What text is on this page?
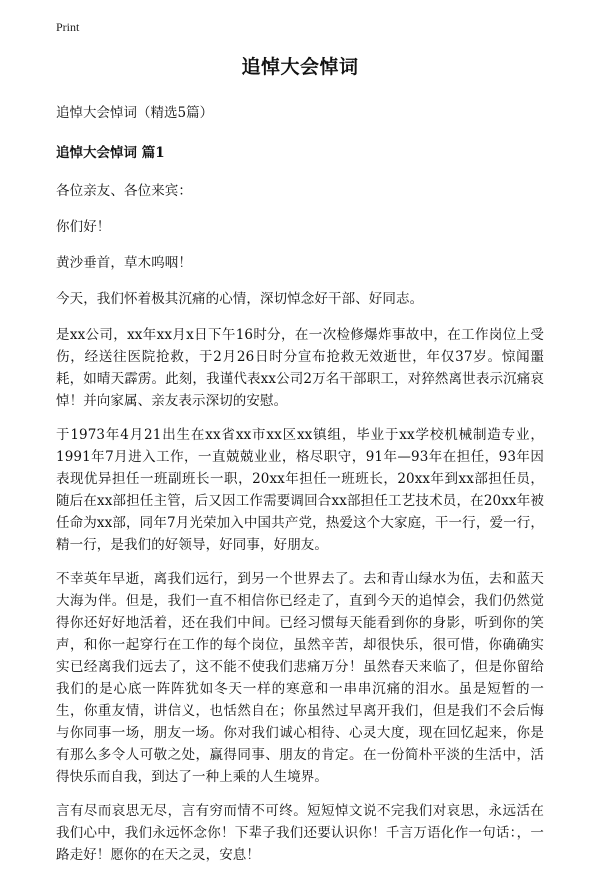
Print
追悼大会悼词
追悼大会悼词（精选5篇）
追悼大会悼词 篇1

各位亲友、各位来宾：

你们好！

黄沙垂首，草木呜咽！

今天，我们怀着极其沉痛的心情，深切悼念好干部、好同志。

是xx公司，xx年xx月x日下午16时分，在一次检修爆炸事故中，在工作岗位上受伤，经送往医院抢救，于2月26日时分宣布抢救无效逝世，年仅37岁。惊闻噩耗，如晴天霹雳。此刻，我谨代表xx公司2万名干部职工，对猝然离世表示沉痛哀悼！并向家属、亲友表示深切的安慰。

于1973年4月21出生在xx省xx市xx区xx镇组，毕业于xx学校机械制造专业，1991年7月进入工作，一直兢兢业业，格尽职守，91年—93年在担任，93年因表现优异担任一班副班长一职，20xx年担任一班班长，20xx年到xx部担任员，随后在xx部担任主管，后又因工作需要调回合xx部担任工艺技术员，在20xx年被任命为xx部，同年7月光荣加入中国共产党，热爱这个大家庭，干一行，爱一行，精一行，是我们的好领导，好同事，好朋友。

不幸英年早逝，离我们远行，到另一个世界去了。去和青山绿水为伍，去和蓝天大海为伴。但是，我们一直不相信你已经走了，直到今天的追悼会，我们仍然觉得你还好好地活着，还在我们中间。已经习惯每天能看到你的身影，听到你的笑声，和你一起穿行在工作的每个岗位，虽然辛苦，却很快乐，很可惜，你确确实实已经离我们远去了，这不能不使我们悲痛万分！虽然春天来临了，但是你留给我们的是心底一阵阵犹如冬天一样的寒意和一串串沉痛的泪水。虽是短暂的一生，你重友情，讲信义，也恬然自在；你虽然过早离开我们，但是我们不会后悔与你同事一场，朋友一场。你对我们诚心相待、心灵大度，现在回忆起来，你是有那么多令人可敬之处，赢得同事、朋友的肯定。在一份简朴平淡的生活中，活得快乐而自我，到达了一种上乘的人生境界。

言有尽而哀思无尽，言有穷而情不可终。短短悼文说不完我们对哀思，永远活在我们心中，我们永远怀念你！下辈子我们还要认识你！千言万语化作一句话：，一路走好！愿你的在天之灵，安息！
